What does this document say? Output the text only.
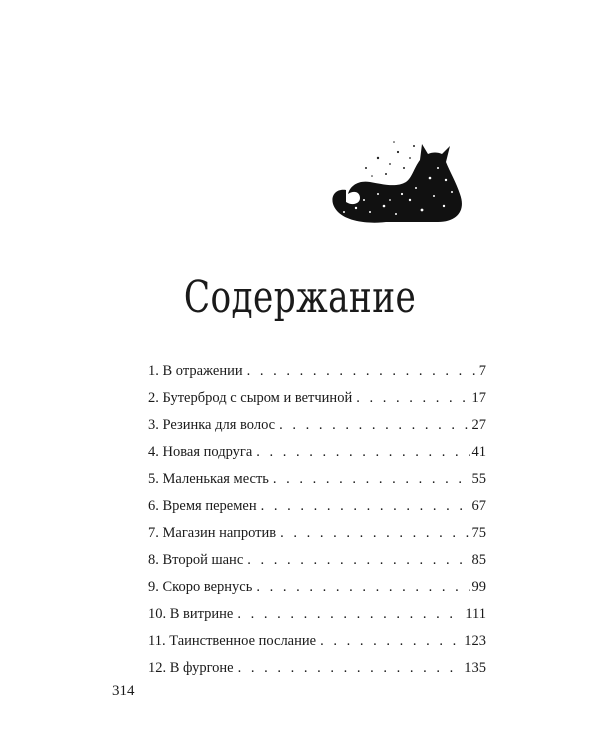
Содержание
1. В отражении . . .	7
2. Бутерброд с сыром и ветчиной . . .	17
3. Резинка для волос . . .	27
4. Новая подруга . . .	41
5. Маленькая месть . . .	55
6. Время перемен . . .	67
7. Магазин напротив . . .	75
8. Второй шанс . . .	85
9. Скоро вернусь . . .	99
10. В витрине . . .	111
11. Таинственное послание . . .	123
12. В фургоне . . .	135
314
